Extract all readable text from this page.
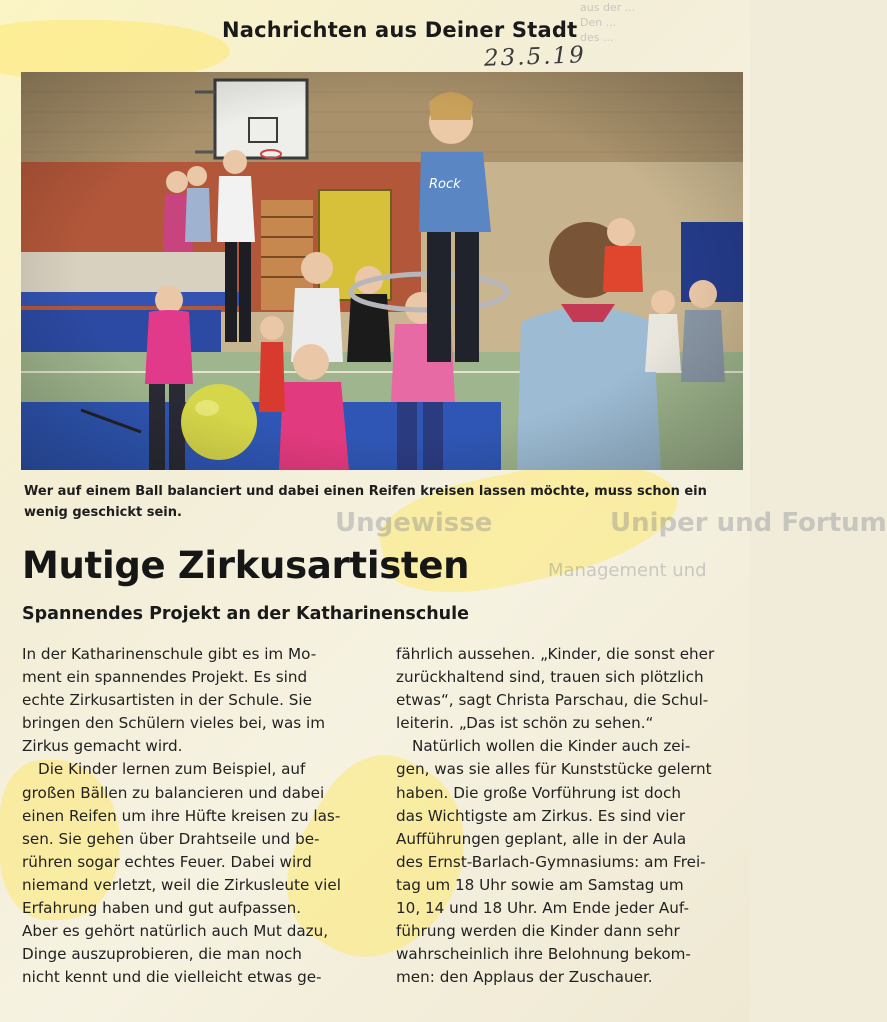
Ungewisse	Uniper und Fortum
Management und
aus der ...
Den ...
des ...
Nachrichten aus Deiner Stadt
23.5.19
Rock
Wer auf einem Ball balanciert und dabei einen Reifen kreisen lassen möchte, muss schon ein
wenig geschickt sein.
Mutige Zirkusartisten
Spannendes Projekt an der Katharinenschule
In der Katharinenschule gibt es im Mo-
ment ein spannendes Projekt. Es sind
echte Zirkusartisten in der Schule. Sie
bringen den Schülern vieles bei, was im
Zirkus gemacht wird.
Die Kinder lernen zum Beispiel, auf
großen Bällen zu balancieren und dabei
einen Reifen um ihre Hüfte kreisen zu las-
sen. Sie gehen über Drahtseile und be-
rühren sogar echtes Feuer. Dabei wird
niemand verletzt, weil die Zirkusleute viel
Erfahrung haben und gut aufpassen.
Aber es gehört natürlich auch Mut dazu,
Dinge auszuprobieren, die man noch
nicht kennt und die vielleicht etwas ge-
fährlich aussehen. „Kinder, die sonst eher
zurückhaltend sind, trauen sich plötzlich
etwas“, sagt Christa Parschau, die Schul-
leiterin. „Das ist schön zu sehen.“
Natürlich wollen die Kinder auch zei-
gen, was sie alles für Kunststücke gelernt
haben. Die große Vorführung ist doch
das Wichtigste am Zirkus. Es sind vier
Aufführungen geplant, alle in der Aula
des Ernst-Barlach-Gymnasiums: am Frei-
tag um 18 Uhr sowie am Samstag um
10, 14 und 18 Uhr. Am Ende jeder Auf-
führung werden die Kinder dann sehr
wahrscheinlich ihre Belohnung bekom-
men: den Applaus der Zuschauer.
